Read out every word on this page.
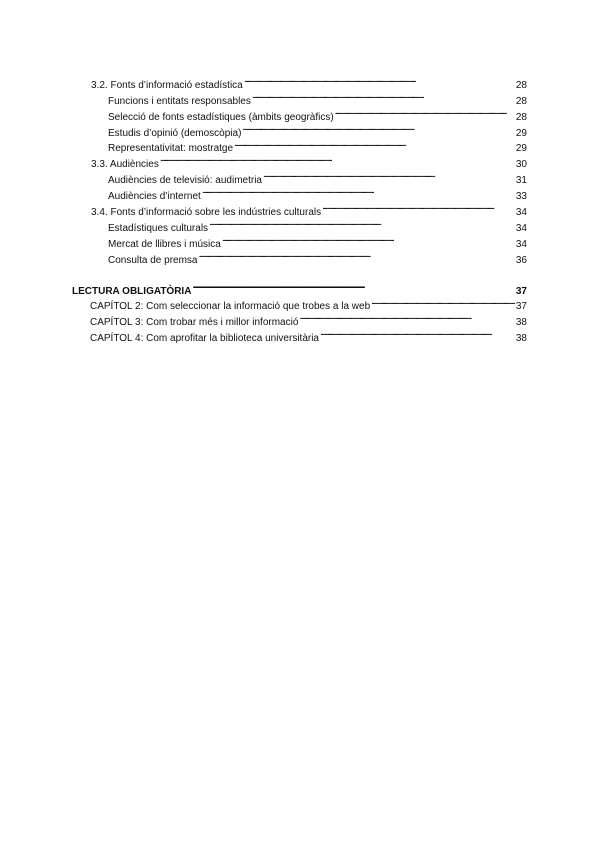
3.2. Fonts d’informació estadística . . .	28
Funcions i entitats responsables . . .	28
Selecció de fonts estadístiques (àmbits geogràfics) . . .	28
Estudis d’opinió (demoscòpia) . . .	29
Representativitat: mostratge . . .	29
3.3. Audiències . . .	30
Audiències de televisió: audimetria . . .	31
Audiències d’internet . . .	33
3.4. Fonts d’informació sobre les indústries culturals . . .	34
Estadístiques culturals . . .	34
Mercat de llibres i música . . .	34
Consulta de premsa . . .	36
LECTURA OBLIGATÒRIA . . .	37
CAPÍTOL 2: Com seleccionar la informació que trobes a la web . . .	37
CAPÍTOL 3: Com trobar més i millor informació . . .	38
CAPÍTOL 4: Com aprofitar la biblioteca universitària . . .	38
